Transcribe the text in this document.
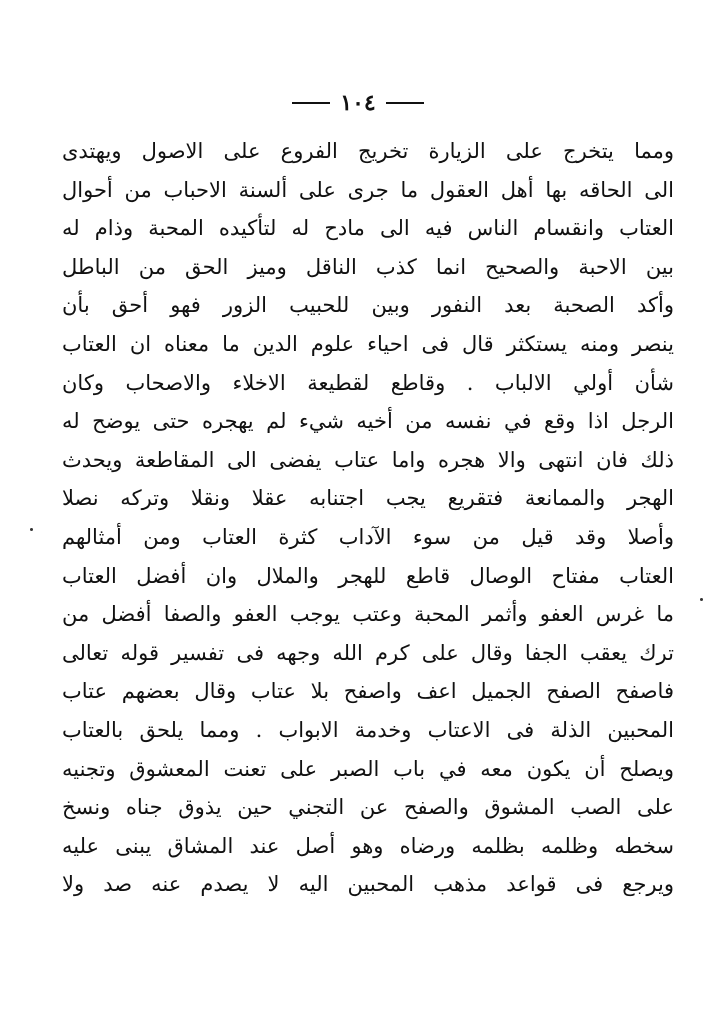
١٠٤
ومما يتخرج على الزيارة تخريج الفروع على الاصول ويهتدى
الى الحاقه بها أهل العقول ما جرى على ألسنة الاحباب من أحوال
العتاب وانقسام الناس فيه الى مادح له لتأكيده المحبة وذام له
بين الاحبة والصحيح انما كذب الناقل وميز الحق من الباطل
وأكد الصحبة بعد النفور وبين للحبيب الزور فهو أحق بأن
ينصر ومنه يستكثر قال فى احياء علوم الدين ما معناه ان العتاب
شأن أولي الالباب . وقاطع لقطيعة الاخلاء والاصحاب وكان
الرجل اذا وقع في نفسه من أخيه شيء لم يهجره حتى يوضح له
ذلك فان انتهى والا هجره واما عتاب يفضى الى المقاطعة ويحدث
الهجر والممانعة فتقريع يجب اجتنابه عقلا ونقلا وتركه نصلا
وأصلا وقد قيل من سوء الآداب كثرة العتاب ومن أمثالهم
العتاب مفتاح الوصال قاطع للهجر والملال وان أفضل العتاب
ما غرس العفو وأثمر المحبة وعتب يوجب العفو والصفا أفضل من
ترك يعقب الجفا وقال على كرم الله وجهه فى تفسير قوله تعالى
فاصفح الصفح الجميل اعف واصفح بلا عتاب وقال بعضهم عتاب
المحبين الذلة فى الاعتاب وخدمة الابواب . ومما يلحق بالعتاب
ويصلح أن يكون معه في باب الصبر على تعنت المعشوق وتجنيه
على الصب المشوق والصفح عن التجني حين يذوق جناه ونسخ
سخطه وظلمه بظلمه ورضاه وهو أصل عند المشاق يبنى عليه
ويرجع فى قواعد مذهب المحبين اليه لا يصدم عنه صد ولا
